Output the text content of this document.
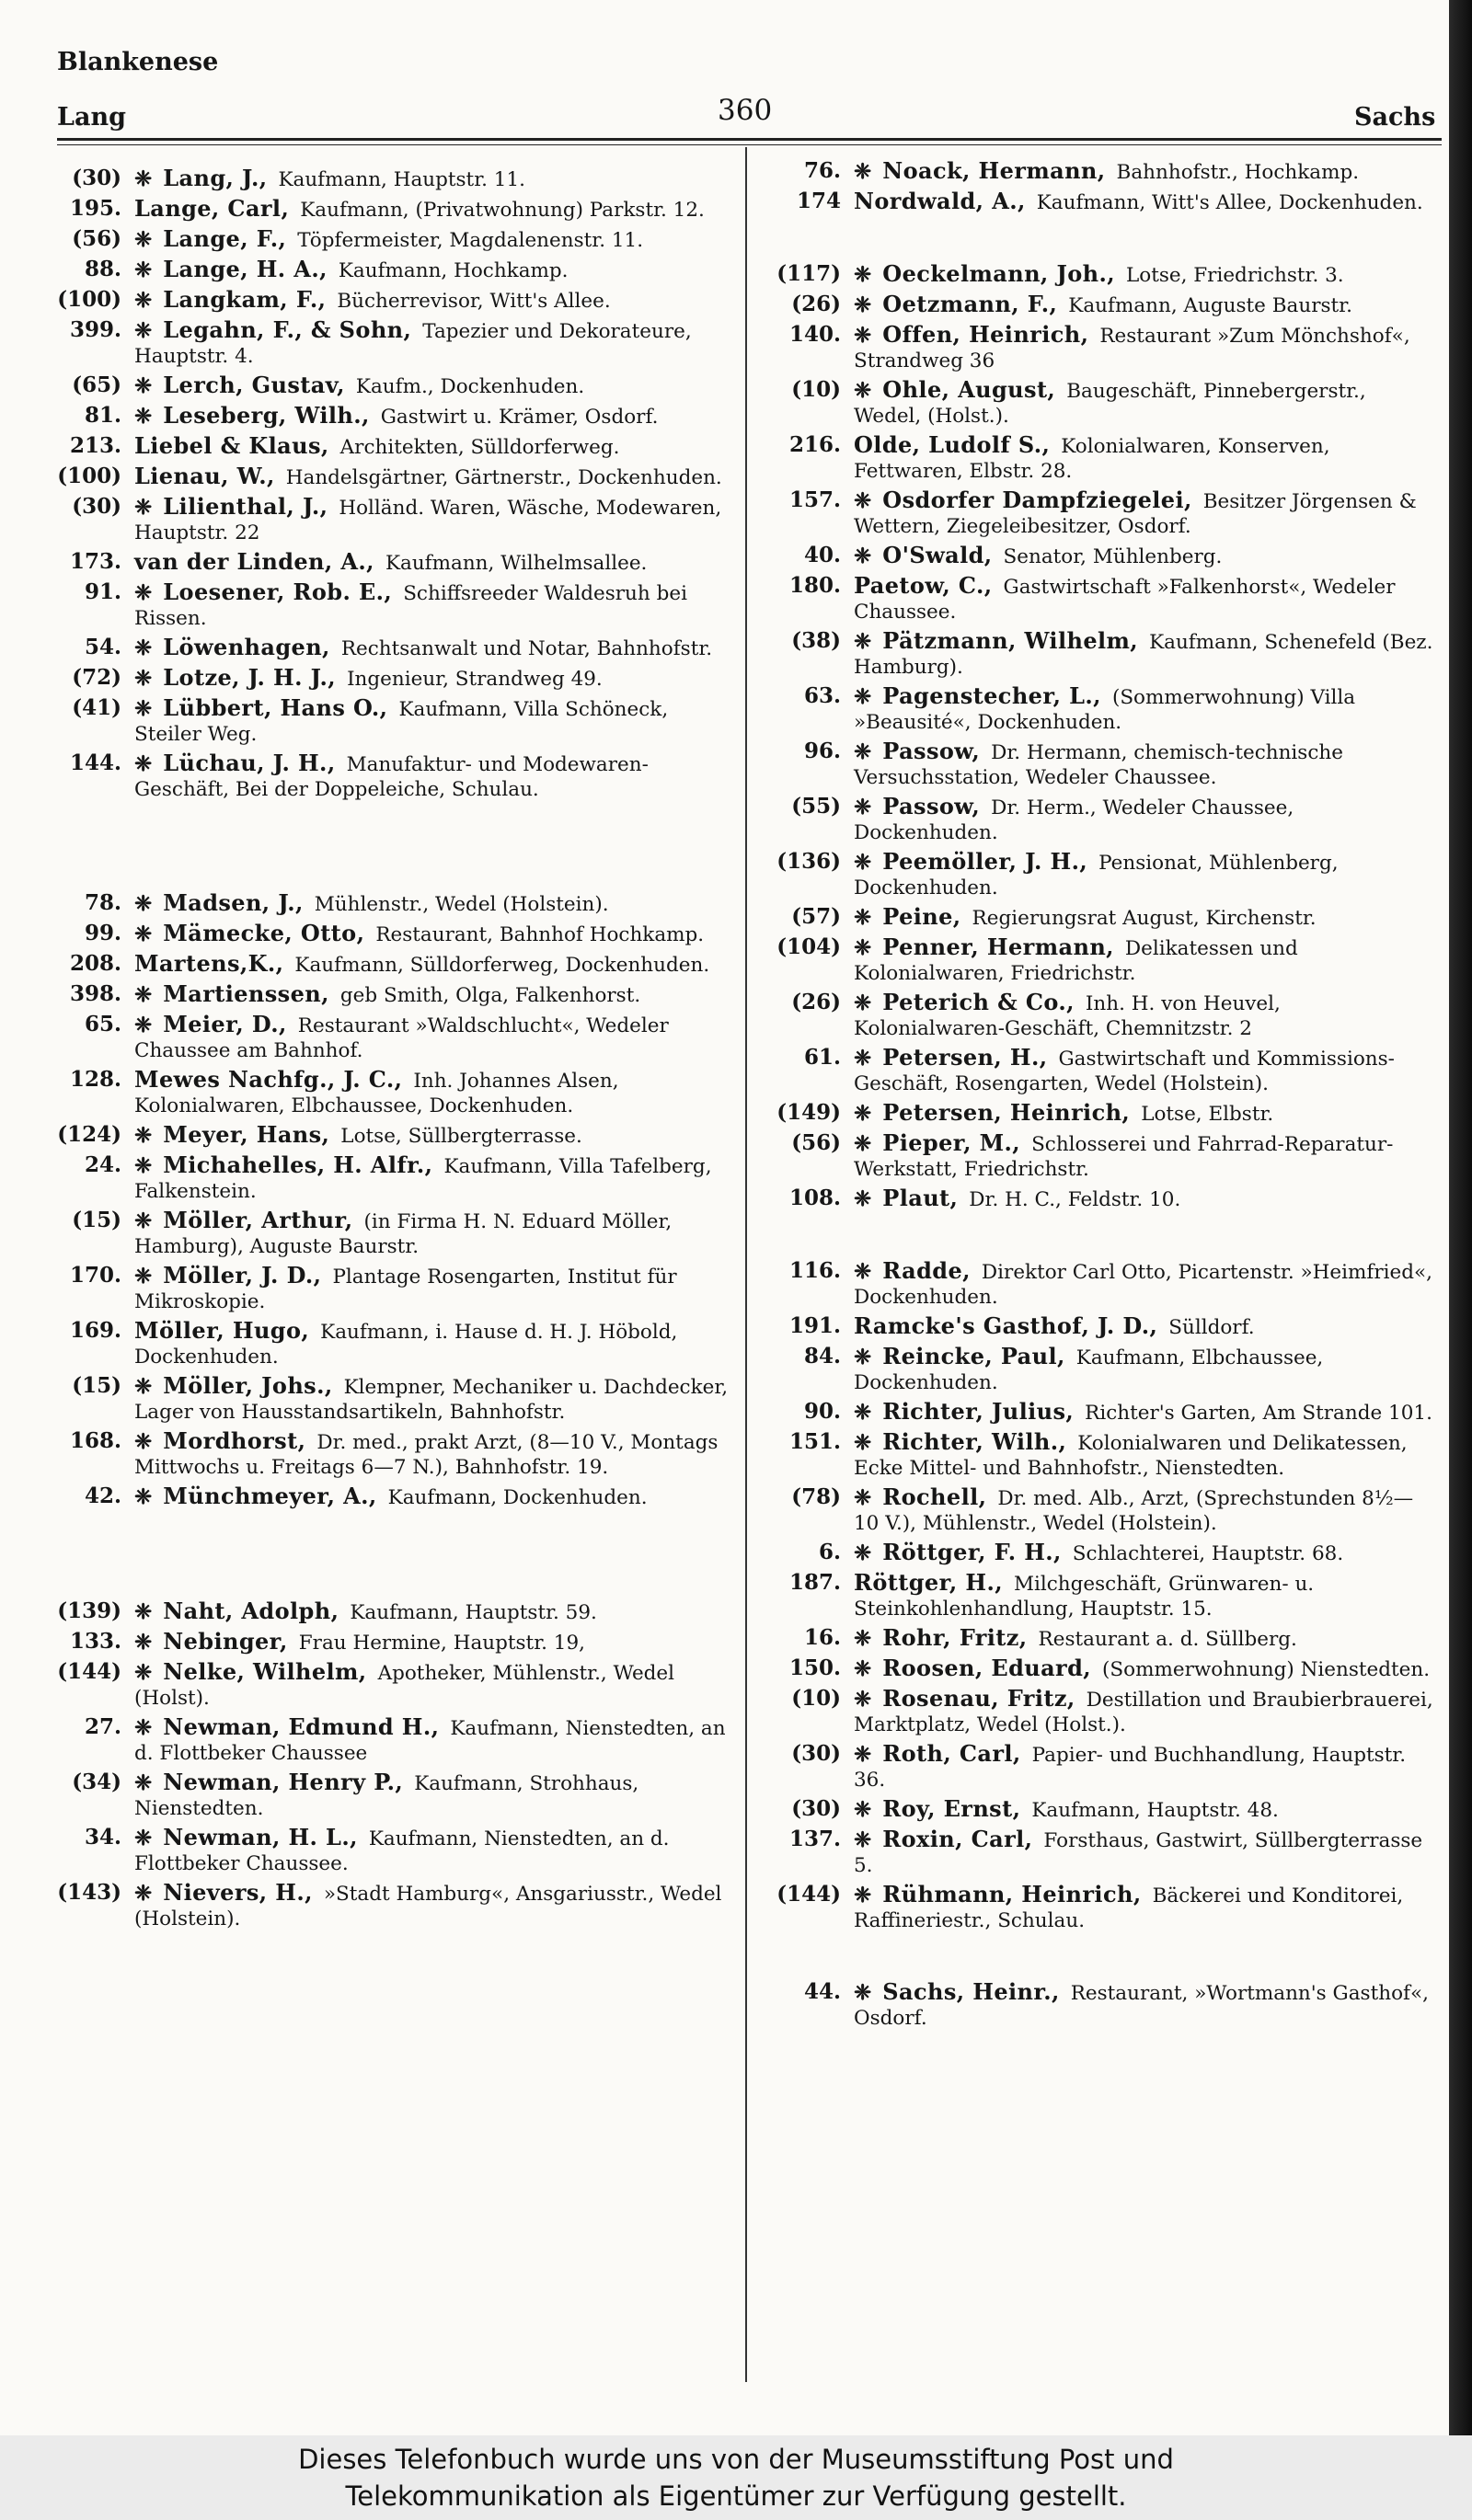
Blankenese
Lang	360	Sachs
(30) ❈ Lang, J., Kaufmann, Hauptstr. 11.
195. Lange, Carl, Kaufmann, (Privatwohnung) Parkstr. 12.
(56) ❈ Lange, F., Töpfermeister, Magdalenenstr. 11.
88. ❈ Lange, H. A., Kaufmann, Hochkamp.
(100) ❈ Langkam, F., Bücherrevisor, Witt's Allee.
399. ❈ Legahn, F., & Sohn, Tapezier und Dekorateure, Hauptstr. 4.
(65) ❈ Lerch, Gustav, Kaufm., Dockenhuden.
81. ❈ Leseberg, Wilh., Gastwirt u. Krämer, Osdorf.
213. Liebel & Klaus, Architekten, Sülldorferweg.
(100) Lienau, W., Handelsgärtner, Gärtnerstr., Dockenhuden.
(30) ❈ Lilienthal, J., Holländ. Waren, Wäsche, Modewaren, Hauptstr. 22
173. van der Linden, A., Kaufmann, Wilhelmsallee.
91. ❈ Loesener, Rob. E., Schiffsreeder Waldesruh bei Rissen.
54. ❈ Löwenhagen, Rechtsanwalt und Notar, Bahnhofstr.
(72) ❈ Lotze, J. H. J., Ingenieur, Strandweg 49.
(41) ❈ Lübbert, Hans O., Kaufmann, Villa Schöneck, Steiler Weg.
144. ❈ Lüchau, J. H., Manufaktur- und Modewaren-Geschäft, Bei der Doppeleiche, Schulau.
78. ❈ Madsen, J., Mühlenstr., Wedel (Holstein).
99. ❈ Mämecke, Otto, Restaurant, Bahnhof Hochkamp.
208. Martens,K., Kaufmann, Sülldorferweg, Dockenhuden.
398. ❈ Martienssen, geb Smith, Olga, Falkenhorst.
65. ❈ Meier, D., Restaurant »Waldschlucht«, Wedeler Chaussee am Bahnhof.
128. Mewes Nachfg., J. C., Inh. Johannes Alsen, Kolonialwaren, Elbchaussee, Dockenhuden.
(124) ❈ Meyer, Hans, Lotse, Süllbergterrasse.
24. ❈ Michahelles, H. Alfr., Kaufmann, Villa Tafelberg, Falkenstein.
(15) ❈ Möller, Arthur, (in Firma H. N. Eduard Möller, Hamburg), Auguste Baurstr.
170. ❈ Möller, J. D., Plantage Rosengarten, Institut für Mikroskopie.
169. Möller, Hugo, Kaufmann, i. Hause d. H. J. Höbold, Dockenhuden.
(15) ❈ Möller, Johs., Klempner, Mechaniker u. Dachdecker, Lager von Hausstandsartikeln, Bahnhofstr.
168. ❈ Mordhorst, Dr. med., prakt Arzt, (8—10 V., Montags Mittwochs u. Freitags 6—7 N.), Bahnhofstr. 19.
42. ❈ Münchmeyer, A., Kaufmann, Dockenhuden.
(139) ❈ Naht, Adolph, Kaufmann, Hauptstr. 59.
133. ❈ Nebinger, Frau Hermine, Hauptstr. 19,
(144) ❈ Nelke, Wilhelm, Apotheker, Mühlenstr., Wedel (Holst).
27. ❈ Newman, Edmund H., Kaufmann, Nienstedten, an d. Flottbeker Chaussee
(34) ❈ Newman, Henry P., Kaufmann, Strohhaus, Nienstedten.
34. ❈ Newman, H. L., Kaufmann, Nienstedten, an d. Flottbeker Chaussee.
(143) ❈ Nievers, H., »Stadt Hamburg«, Ansgariusstr., Wedel (Holstein).
76. ❈ Noack, Hermann, Bahnhofstr., Hochkamp.
174 Nordwald, A., Kaufmann, Witt's Allee, Dockenhuden.
(117) ❈ Oeckelmann, Joh., Lotse, Friedrichstr. 3.
(26) ❈ Oetzmann, F., Kaufmann, Auguste Baurstr.
140. ❈ Offen, Heinrich, Restaurant »Zum Mönchshof«, Strandweg 36
(10) ❈ Ohle, August, Baugeschäft, Pinnebergerstr., Wedel, (Holst.).
216. Olde, Ludolf S., Kolonialwaren, Konserven, Fettwaren, Elbstr. 28.
157. ❈ Osdorfer Dampfziegelei, Besitzer Jörgensen & Wettern, Ziegeleibesitzer, Osdorf.
40. ❈ O'Swald, Senator, Mühlenberg.
180. Paetow, C., Gastwirtschaft »Falkenhorst«, Wedeler Chaussee.
(38) ❈ Pätzmann, Wilhelm, Kaufmann, Schenefeld (Bez. Hamburg).
63. ❈ Pagenstecher, L., (Sommerwohnung) Villa »Beausité«, Dockenhuden.
96. ❈ Passow, Dr. Hermann, chemisch-technische Versuchsstation, Wedeler Chaussee.
(55) ❈ Passow, Dr. Herm., Wedeler Chaussee, Dockenhuden.
(136) ❈ Peemöller, J. H., Pensionat, Mühlenberg, Dockenhuden.
(57) ❈ Peine, Regierungsrat August, Kirchenstr.
(104) ❈ Penner, Hermann, Delikatessen und Kolonialwaren, Friedrichstr.
(26) ❈ Peterich & Co., Inh. H. von Heuvel, Kolonialwaren-Geschäft, Chemnitzstr. 2
61. ❈ Petersen, H., Gastwirtschaft und Kommissions-Geschäft, Rosengarten, Wedel (Holstein).
(149) ❈ Petersen, Heinrich, Lotse, Elbstr.
(56) ❈ Pieper, M., Schlosserei und Fahrrad-Reparatur-Werkstatt, Friedrichstr.
108. ❈ Plaut, Dr. H. C., Feldstr. 10.
116. ❈ Radde, Direktor Carl Otto, Picartenstr. »Heimfried«, Dockenhuden.
191. Ramcke's Gasthof, J. D., Sülldorf.
84. ❈ Reincke, Paul, Kaufmann, Elbchaussee, Dockenhuden.
90. ❈ Richter, Julius, Richter's Garten, Am Strande 101.
151. ❈ Richter, Wilh., Kolonialwaren und Delikatessen, Ecke Mittel- und Bahnhofstr., Nienstedten.
(78) ❈ Rochell, Dr. med. Alb., Arzt, (Sprechstunden 8½—10 V.), Mühlenstr., Wedel (Holstein).
6. ❈ Röttger, F. H., Schlachterei, Hauptstr. 68.
187. Röttger, H., Milchgeschäft, Grünwaren- u. Steinkohlenhandlung, Hauptstr. 15.
16. ❈ Rohr, Fritz, Restaurant a. d. Süllberg.
150. ❈ Roosen, Eduard, (Sommerwohnung) Nienstedten.
(10) ❈ Rosenau, Fritz, Destillation und Braubierbrauerei, Marktplatz, Wedel (Holst.).
(30) ❈ Roth, Carl, Papier- und Buchhandlung, Hauptstr. 36.
(30) ❈ Roy, Ernst, Kaufmann, Hauptstr. 48.
137. ❈ Roxin, Carl, Forsthaus, Gastwirt, Süllbergterrasse 5.
(144) ❈ Rühmann, Heinrich, Bäckerei und Konditorei, Raffineriestr., Schulau.
44. ❈ Sachs, Heinr., Restaurant, »Wortmann's Gasthof«, Osdorf.
Dieses Telefonbuch wurde uns von der Museumsstiftung Post und
Telekommunikation als Eigentümer zur Verfügung gestellt.
